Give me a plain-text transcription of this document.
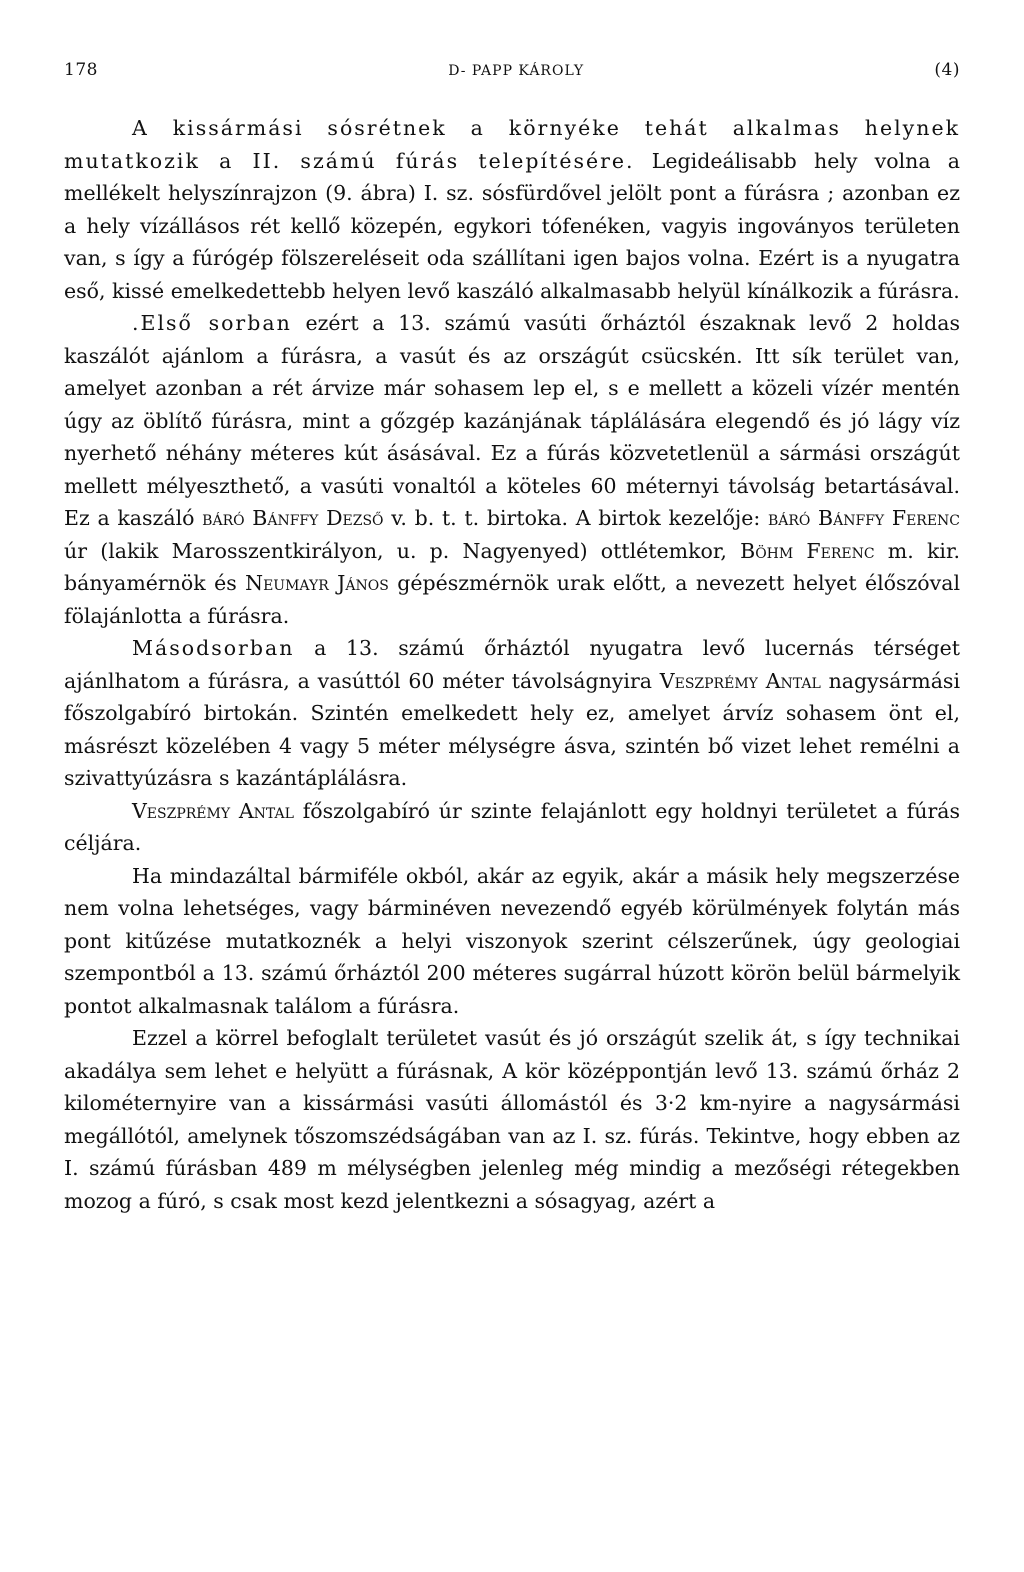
178	D- PAPP KÁROLY	(4)

A kissármási sósrétnek a környéke tehát alkalmas helynek mutatkozik a II. számú fúrás telepítésére. Legideálisabb hely volna a mellékelt helyszínrajzon (9. ábra) I. sz. sósfürdővel jelölt pont a fúrásra ; azonban ez a hely vízállásos rét kellő közepén, egykori tófenéken, vagyis ingoványos területen van, s így a fúrógép fölszereléseit oda szállítani igen bajos volna. Ezért is a nyugatra eső, kissé emelkedettebb helyen levő kaszáló alkalmasabb helyül kínálkozik a fúrásra.

.Első sorban ezért a 13. számú vasúti őrháztól északnak levő 2 holdas kaszálót ajánlom a fúrásra, a vasút és az országút csücskén. Itt sík terület van, amelyet azonban a rét árvize már sohasem lep el, s e mellett a közeli vízér mentén úgy az öblítő fúrásra, mint a gőzgép kazánjának táplálására elegendő és jó lágy víz nyerhető néhány méteres kút ásásával. Ez a fúrás közvetetlenül a sármási országút mellett mélyeszthető, a vasúti vonaltól a köteles 60 méternyi távolság betartásával. Ez a kaszáló báró Bánffy Dezső v. b. t. t. birtoka. A birtok kezelője: báró Bánffy Ferenc úr (lakik Marosszentkirályon, u. p. Nagyenyed) ottlétemkor, Böhm Ferenc m. kir. bányamérnök és Neumayr János gépészmérnök urak előtt, a nevezett helyet élőszóval fölajánlotta a fúrásra.

Másodsorban a 13. számú őrháztól nyugatra levő lucernás térséget ajánlhatom a fúrásra, a vasúttól 60 méter távolságnyira Veszprémy Antal nagysármási főszolgabíró birtokán. Szintén emelkedett hely ez, amelyet árvíz sohasem önt el, másrészt közelében 4 vagy 5 méter mélységre ásva, szintén bő vizet lehet remélni a szivattyúzásra s kazántáplálásra.

Veszprémy Antal főszolgabíró úr szinte felajánlott egy holdnyi területet a fúrás céljára.

Ha mindazáltal bármiféle okból, akár az egyik, akár a másik hely megszerzése nem volna lehetséges, vagy bárminéven nevezendő egyéb körülmények folytán más pont kitűzése mutatkoznék a helyi viszonyok szerint célszerűnek, úgy geologiai szempontból a 13. számú őrháztól 200 méteres sugárral húzott körön belül bármelyik pontot alkalmasnak találom a fúrásra.

Ezzel a körrel befoglalt területet vasút és jó országút szelik át, s így technikai akadálya sem lehet e helyütt a fúrásnak, A kör középpontján levő 13. számú őrház 2 kilométernyire van a kissármási vasúti állomástól és 3·2 km-nyire a nagysármási megállótól, amelynek tőszomszédságában van az I. sz. fúrás. Tekintve, hogy ebben az I. számú fúrásban 489 m mélységben jelenleg még mindig a mezőségi rétegekben mozog a fúró, s csak most kezd jelentkezni a sósagyag, azért a
